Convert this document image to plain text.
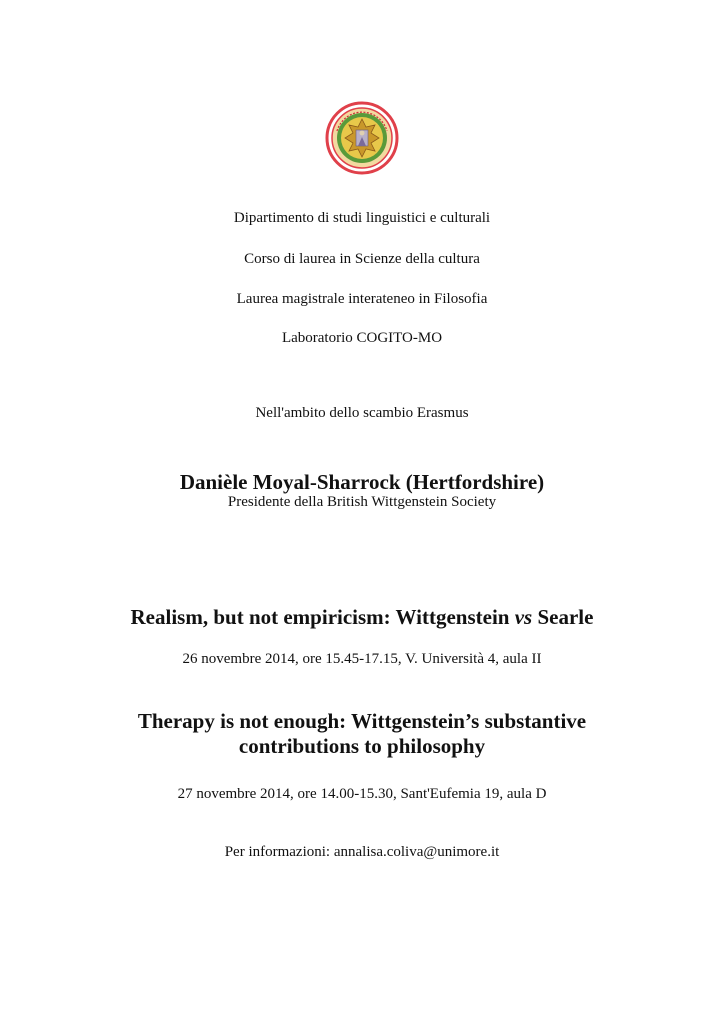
Dipartimento di studi linguistici e culturali
Corso di laurea in Scienze della cultura
Laurea magistrale interateneo in Filosofia
Laboratorio COGITO-MO
Nell'ambito dello scambio Erasmus
Danièle Moyal-Sharrock (Hertfordshire)
Presidente della British Wittgenstein Society
Realism, but not empiricism: Wittgenstein vs Searle
26 novembre 2014, ore 15.45-17.15, V. Università 4, aula II
Therapy is not enough: Wittgenstein’s substantive
contributions to philosophy
27 novembre 2014, ore 14.00-15.30, Sant'Eufemia 19, aula D
Per informazioni: annalisa.coliva@unimore.it
